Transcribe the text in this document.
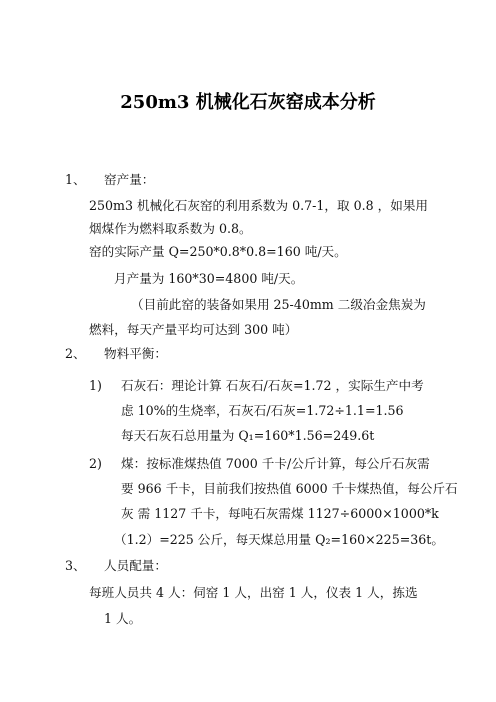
250m3 机械化石灰窑成本分析
1、 窑产量：
250m3 机械化石灰窑的利用系数为 0.7-1，取 0.8 ，如果用
烟煤作为燃料取系数为 0.8。
窑的实际产量 Q=250*0.8*0.8=160 吨/天。
月产量为 160*30=4800 吨/天。
（目前此窑的装备如果用 25-40mm 二级冶金焦炭为
燃料，每天产量平均可达到 300 吨）
2、 物料平衡：
1) 石灰石：理论计算 石灰石/石灰=1.72 ，实际生产中考
虑 10%的生烧率，石灰石/石灰=1.72÷1.1=1.56
每天石灰石总用量为 Q₁=160*1.56=249.6t
2) 煤：按标准煤热值 7000 千卡/公斤计算，每公斤石灰需
要 966 千卡，目前我们按热值 6000 千卡煤热值，每公斤石
灰 需 1127 千卡，每吨石灰需煤 1127÷6000×1000*k
（1.2）=225 公斤，每天煤总用量 Q₂=160×225=36t。
3、 人员配量：
每班人员共 4 人：伺窑 1 人，出窑 1 人，仪表 1 人，拣选
1 人。
